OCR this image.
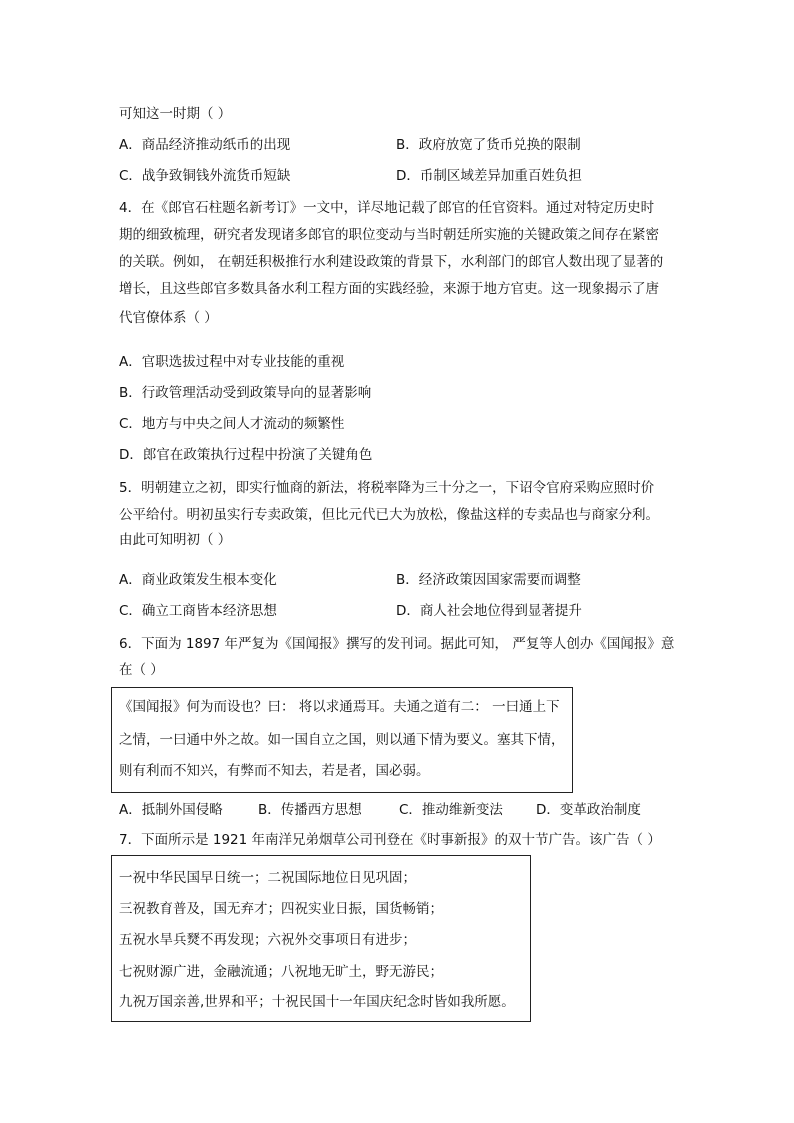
可知这一时期（ ）
A．商品经济推动纸币的出现	B．政府放宽了货币兑换的限制
C．战争致铜钱外流货币短缺	D．币制区域差异加重百姓负担
4．在《郎官石柱题名新考订》一文中，详尽地记载了郎官的任官资料。通过对特定历史时
期的细致梳理，研究者发现诸多郎官的职位变动与当时朝廷所实施的关键政策之间存在紧密
的关联。例如， 在朝廷积极推行水利建设政策的背景下，水利部门的郎官人数出现了显著的
增长，且这些郎官多数具备水利工程方面的实践经验，来源于地方官吏。这一现象揭示了唐
代官僚体系（ ）
A．官职选拔过程中对专业技能的重视
B．行政管理活动受到政策导向的显著影响
C．地方与中央之间人才流动的频繁性
D．郎官在政策执行过程中扮演了关键角色
5．明朝建立之初，即实行恤商的新法，将税率降为三十分之一，下诏令官府采购应照时价
公平给付。明初虽实行专卖政策，但比元代已大为放松，像盐这样的专卖品也与商家分利。
由此可知明初（ ）
A．商业政策发生根本变化	B．经济政策因国家需要而调整
C．确立工商皆本经济思想	D．商人社会地位得到显著提升
6．下面为 1897 年严复为《国闻报》撰写的发刊词。据此可知， 严复等人创办《国闻报》意
在（ ）
《国闻报》何为而设也？曰： 将以求通焉耳。夫通之道有二： 一曰通上下
之情，一曰通中外之故。如一国自立之国，则以通下情为要义。塞其下情，
则有利而不知兴，有弊而不知去，若是者，国必弱。
A．抵制外国侵略	B．传播西方思想	C．推动维新变法 D．变革政治制度
7．下面所示是 1921 年南洋兄弟烟草公司刊登在《时事新报》的双十节广告。该广告（ ）
一祝中华民国早日统一；二祝国际地位日见巩固；
三祝教育普及，国无弃才；四祝实业日振，国货畅销；
五祝水旱兵燹不再发现；六祝外交事项日有进步；
七祝财源广进，金融流通；八祝地无旷土，野无游民；
九祝万国亲善,世界和平；十祝民国十一年国庆纪念时皆如我所愿。
